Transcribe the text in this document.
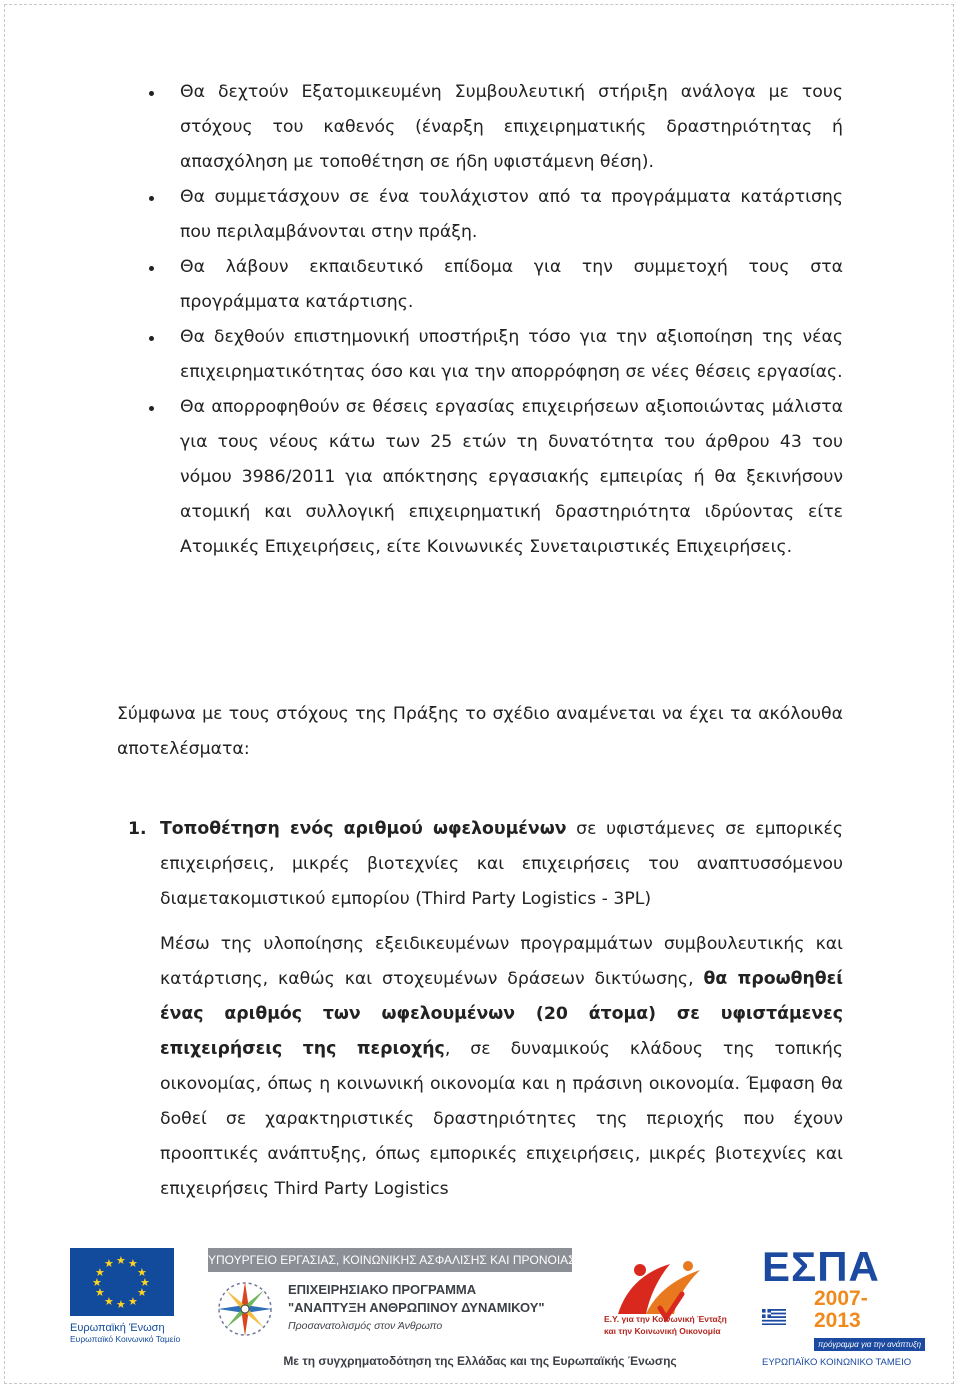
Θα δεχτούν Εξατομικευμένη Συμβουλευτική στήριξη ανάλογα με τους στόχους του καθενός (έναρξη επιχειρηματικής δραστηριότητας ή απασχόληση με τοποθέτηση σε ήδη υφιστάμενη θέση).
Θα συμμετάσχουν σε ένα τουλάχιστον από τα προγράμματα κατάρτισης που περιλαμβάνονται στην πράξη.
Θα λάβουν εκπαιδευτικό επίδομα για την συμμετοχή τους στα προγράμματα κατάρτισης.
Θα δεχθούν επιστημονική υποστήριξη τόσο για την αξιοποίηση της νέας επιχειρηματικότητας όσο και για την απορρόφηση σε νέες θέσεις εργασίας.
Θα απορροφηθούν σε θέσεις εργασίας επιχειρήσεων αξιοποιώντας μάλιστα για τους νέους κάτω των 25 ετών τη δυνατότητα του άρθρου 43 του νόμου 3986/2011 για απόκτησης εργασιακής εμπειρίας ή θα ξεκινήσουν ατομική και συλλογική επιχειρηματική δραστηριότητα ιδρύοντας είτε Ατομικές Επιχειρήσεις, είτε Κοινωνικές Συνεταιριστικές Επιχειρήσεις.

Σύμφωνα με τους στόχους της Πράξης το σχέδιο αναμένεται να έχει τα ακόλουθα αποτελέσματα:

1. Τοποθέτηση ενός αριθμού ωφελουμένων σε υφιστάμενες σε εμπορικές επιχειρήσεις, μικρές βιοτεχνίες και επιχειρήσεις του αναπτυσσόμενου διαμετακομιστικού εμπορίου (Third Party Logistics - 3PL)

Μέσω της υλοποίησης εξειδικευμένων προγραμμάτων συμβουλευτικής και κατάρτισης, καθώς και στοχευμένων δράσεων δικτύωσης, θα προωθηθεί ένας αριθμός των ωφελουμένων (20 άτομα) σε υφιστάμενες επιχειρήσεις της περιοχής, σε δυναμικούς κλάδους της τοπικής οικονομίας, όπως η κοινωνική οικονομία και η πράσινη οικονομία. Έμφαση θα δοθεί σε χαρακτηριστικές δραστηριότητες της περιοχής που έχουν προοπτικές ανάπτυξης, όπως εμπορικές επιχειρήσεις, μικρές βιοτεχνίες και επιχειρήσεις Third Party Logistics

★ ★
★
★
★
★
★
★
★
★
★
★
Ευρωπαϊκή Ένωση
Ευρωπαϊκό Κοινωνικό Ταμείο
ΥΠΟΥΡΓΕΙΟ ΕΡΓΑΣΙΑΣ, ΚΟΙΝΩΝΙΚΗΣ ΑΣΦΑΛΙΣΗΣ ΚΑΙ ΠΡΟΝΟΙΑΣ
ΕΠΙΧΕΙΡΗΣΙΑΚΟ ΠΡΟΓΡΑΜΜΑ
"ΑΝΑΠΤΥΞΗ ΑΝΘΡΩΠΙΝΟΥ ΔΥΝΑΜΙΚΟΥ"
Προσανατολισμός στον Άνθρωπο
Ε.Υ. για την Κοινωνική Ένταξη
και την Κοινωνική Οικονομία
ΕΣΠΑ
2007-2013
πρόγραμμα για την ανάπτυξη
ΕΥΡΩΠΑΪΚΟ ΚΟΙΝΩΝΙΚΟ ΤΑΜΕΙΟ
Με τη συγχρηματοδότηση της Ελλάδας και της Ευρωπαϊκής Ένωσης
